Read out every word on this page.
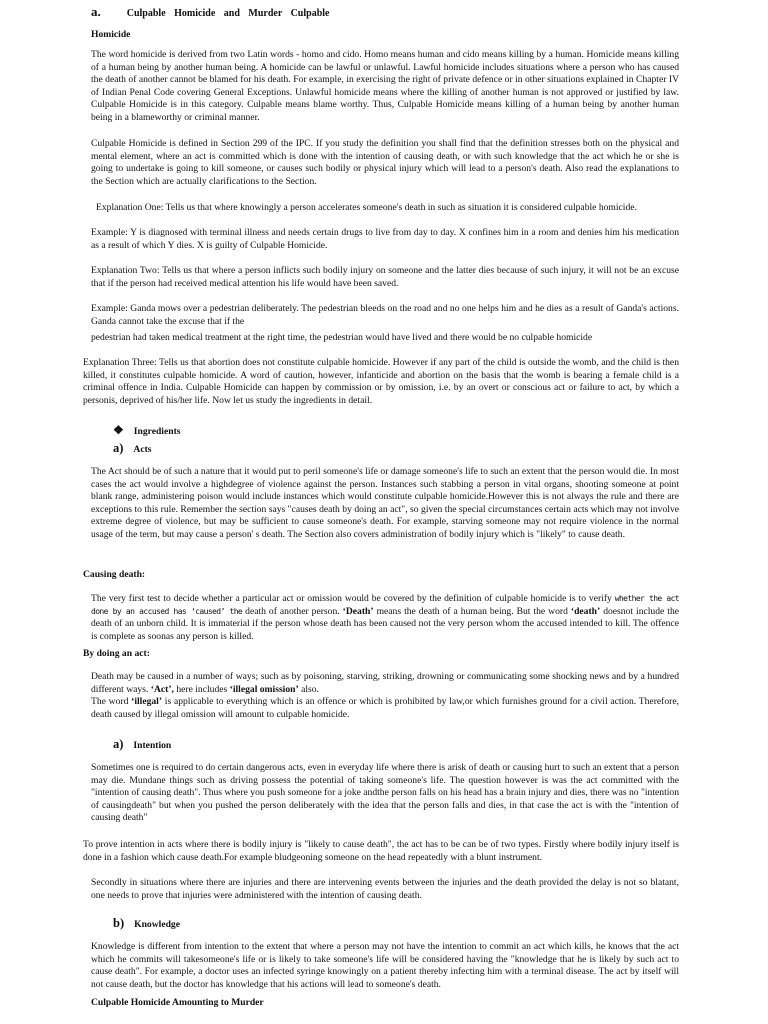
a.	Culpable Homicide and Murder Culpable
Homicide

The word homicide is derived from two Latin words - homo and cido. Homo means human and cido means killing by a human. Homicide means killing of a human being by another human being. A homicide can be lawful or unlawful. Lawful homicide includes situations where a person who has caused the death of another cannot be blamed for his death. For example, in exercising the right of private defence or in other situations explained in Chapter IV of Indian Penal Code covering General Exceptions. Unlawful homicide means where the killing of another human is not approved or justified by law. Culpable Homicide is in this category. Culpable means blame worthy. Thus, Culpable Homicide means killing of a human being by another human being in a blameworthy or criminal manner.

Culpable Homicide is defined in Section 299 of the IPC. If you study the definition you shall find that the definition stresses both on the physical and mental element, where an act is committed which is done with the intention of causing death, or with such knowledge that the act which he or she is going to undertake is going to kill someone, or causes such bodily or physical injury which will lead to a person's death. Also read the explanations to the Section which are actually clarifications to the Section.

Explanation One: Tells us that where knowingly a person accelerates someone's death in such as situation it is considered culpable homicide.

Example: Y is diagnosed with terminal illness and needs certain drugs to live from day to day. X confines him in a room and denies him his medication as a result of which Y dies. X is guilty of Culpable Homicide.

Explanation Two: Tells us that where a person inflicts such bodily injury on someone and the latter dies because of such injury, it will not be an excuse that if the person had received medical attention his life would have been saved.

Example: Ganda mows over a pedestrian deliberately. The pedestrian bleeds on the road and no one helps him and he dies as a result of Ganda's actions. Ganda cannot take the excuse that if the

pedestrian had taken medical treatment at the right time, the pedestrian would have lived and there would be no culpable homicide

Explanation Three: Tells us that abortion does not constitute culpable homicide. However if any part of the child is outside the womb, and the child is then killed, it constitutes culpable homicide. A word of caution, however, infanticide and abortion on the basis that the womb is bearing a female child is a criminal offence in India. Culpable Homicide can happen by commission or by omission, i.e. by an overt or conscious act or failure to act, by which a personis, deprived of his/her life. Now let us study the ingredients in detail.

❖ Ingredients
a) Acts

The Act should be of such a nature that it would put to peril someone's life or damage someone's life to such an extent that the person would die. In most cases the act would involve a highdegree of violence against the person. Instances such stabbing a person in vital organs, shooting someone at point blank range, administering poison would include instances which would constitute culpable homicide.However this is not always the rule and there are exceptions to this rule. Remember the section says "causes death by doing an act", so given the special circumstances certain acts which may not involve extreme degree of violence, but may be sufficient to cause someone's death. For example, starving someone may not require violence in the normal usage of the term, but may cause a person' s death. The Section also covers administration of bodily injury which is "likely" to cause death.

Causing death:

The very first test to decide whether a particular act or omission would be covered by the definition of culpable homicide is to verify whether the act done by an accused has ‘caused’ the death of another person. ‘Death’ means the death of a human being. But the word ‘death’ doesnot include the death of an unborn child. It is immaterial if the person whose death has been caused not the very person whom the accused intended to kill. The offence is complete as soonas any person is killed.

By doing an act:

Death may be caused in a number of ways; such as by poisoning, starving, striking, drowning or communicating some shocking news and by a hundred different ways. ‘Act’, here includes ‘illegal omission’ also.
The word ‘illegal’ is applicable to everything which is an offence or which is prohibited by law,or which furnishes ground for a civil action. Therefore, death caused by illegal omission will amount to culpable homicide.

a) Intention

Sometimes one is required to do certain dangerous acts, even in everyday life where there is arisk of death or causing hurt to such an extent that a person may die. Mundane things such as driving possess the potential of taking someone's life. The question however is was the act committed with the "intention of causing death". Thus where you push someone for a joke andthe person falls on his head has a brain injury and dies, there was no "intention of causingdeath" but when you pushed the person deliberately with the idea that the person falls and dies, in that case the act is with the "intention of causing death"

To prove intention in acts where there is bodily injury is "likely to cause death", the act has to be can be of two types. Firstly where bodily injury itself is done in a fashion which cause death.For example bludgeoning someone on the head repeatedly with a blunt instrument.

Secondly in situations where there are injuries and there are intervening events between the injuries and the death provided the delay is not so blatant, one needs to prove that injuries were administered with the intention of causing death.

b) Knowledge

Knowledge is different from intention to the extent that where a person may not have the intention to commit an act which kills, he knows that the act which he commits will takesomeone's life or is likely to take someone's life will be considered having the "knowledge that he is likely by such act to cause death". For example, a doctor uses an infected syringe knowingly on a patient thereby infecting him with a terminal disease. The act by itself will not cause death, but the doctor has knowledge that his actions will lead to someone's death.

Culpable Homicide Amounting to Murder
